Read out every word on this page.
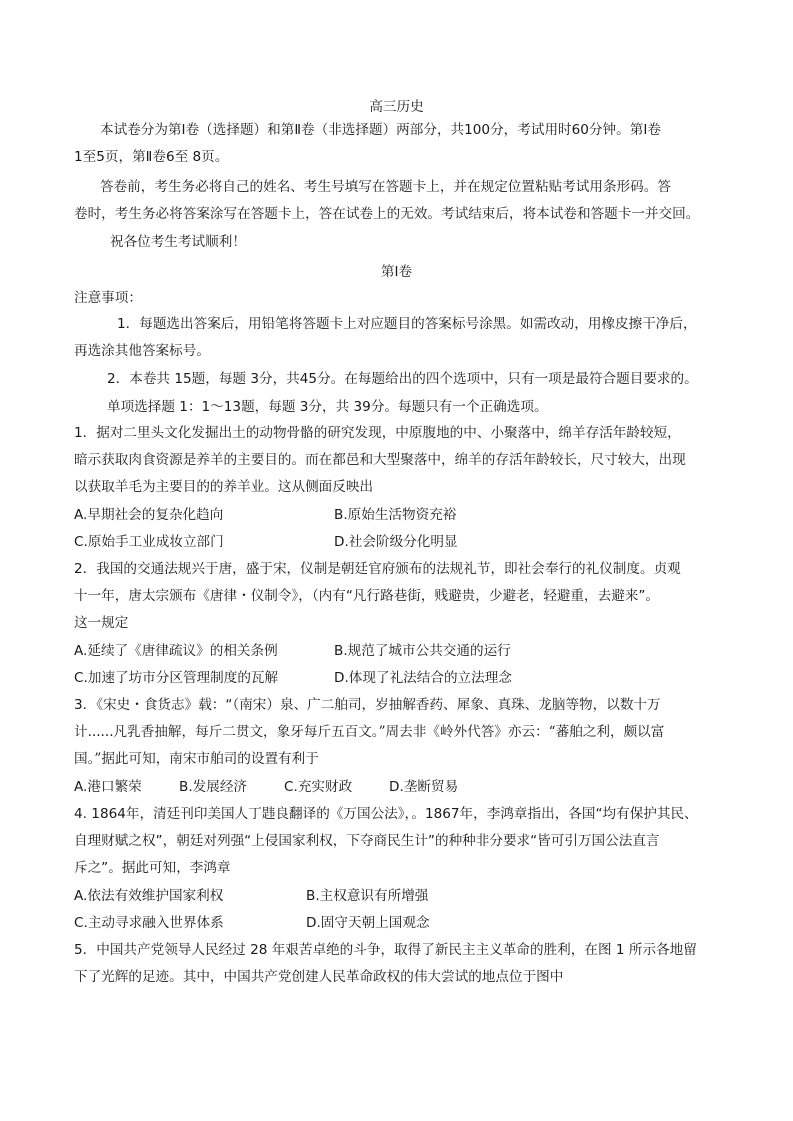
高三历史
本试卷分为第Ⅰ卷（选择题）和第Ⅱ卷（非选择题）两部分，共100分，考试用时60分钟。第Ⅰ卷
1至5页，第Ⅱ卷6至 8页。
答卷前，考生务必将自己的姓名、考生号填写在答题卡上，并在规定位置粘贴考试用条形码。答
卷时，考生务必将答案涂写在答题卡上，答在试卷上的无效。考试结束后，将本试卷和答题卡一并交回。
祝各位考生考试顺利！
第Ⅰ卷
注意事项：
1．每题选出答案后，用铅笔将答题卡上对应题目的答案标号涂黑。如需改动，用橡皮擦干净后，
再选涂其他答案标号。
2．本卷共 15题，每题 3分，共45分。在每题给出的四个选项中，只有一项是最符合题目要求的。
单项选择题 1：1～13题，每题 3分，共 39分。每题只有一个正确选项。
1．据对二里头文化发掘出土的动物骨骼的研究发现，中原腹地的中、小聚落中，绵羊存活年龄较短，
暗示获取肉食资源是养羊的主要目的。而在都邑和大型聚落中，绵羊的存活年龄较长，尺寸较大，出现
以获取羊毛为主要目的的养羊业。这从侧面反映出
A.早期社会的复杂化趋向	B.原始生活物资充裕
C.原始手工业成妆立部门	D.社会阶级分化明显
2．我国的交通法规兴于唐，盛于宋，仪制是朝廷官府颁布的法规礼节，即社会奉行的礼仪制度。贞观
十一年，唐太宗颁布《唐律・仪制令》，（内有“凡行路巷街，贱避贵，少避老，轻避重，去避来”。
这一规定
A.延续了《唐律疏议》的相关条例	B.规范了城市公共交通的运行
C.加速了坊市分区管理制度的瓦解	D.体现了礼法结合的立法理念
3．《宋史・食货志》载：“（南宋）泉、广二舶司，岁抽解香药、犀象、真珠、龙脑等物，以数十万
计......凡乳香抽解，每斤二贯文，象牙每斤五百文。”周去非《岭外代答》亦云：“蕃舶之利，颇以富
国。”据此可知，南宋市舶司的设置有利于
A.港口繁荣	B.发展经济	C.充实财政	D.垄断贸易
4. 1864年，清廷刊印美国人丁韪良翻译的《万国公法》，。1867年，李鸿章指出，各国“均有保护其民、
自理财赋之权”，朝廷对列强“上侵国家利权，下夺商民生计”的种种非分要求“皆可引万国公法直言
斥之”。据此可知，李鸿章
A.依法有效维护国家利权	B.主权意识有所增强
C.主动寻求融入世界体系	D.固守天朝上国观念
5．中国共产党领导人民经过 28 年艰苦卓绝的斗争，取得了新民主主义革命的胜利，在图 1 所示各地留
下了光辉的足迹。其中，中国共产党创建人民革命政权的伟大尝试的地点位于图中
